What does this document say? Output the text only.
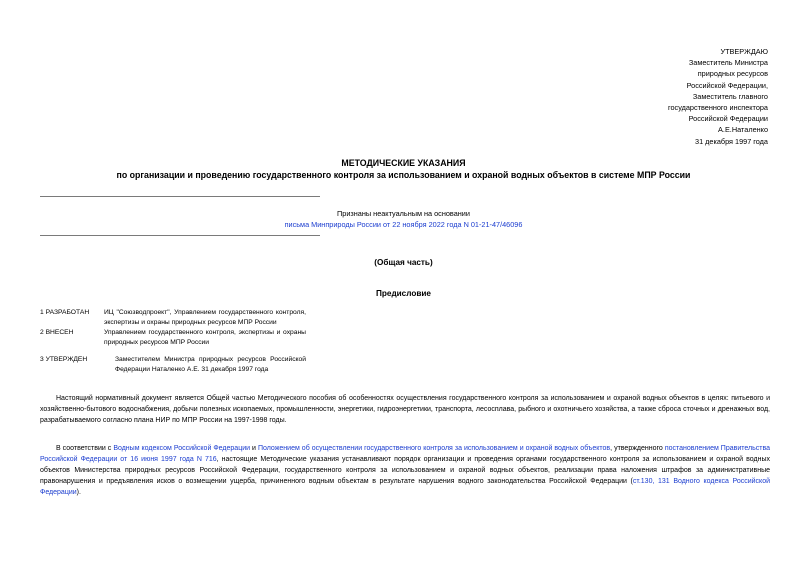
УТВЕРЖДАЮ
Заместитель Министра
природных ресурсов
Российской Федерации,
Заместитель главного
государственного инспектора
Российской Федерации
А.Е.Наталенко
31 декабря 1997 года
МЕТОДИЧЕСКИЕ УКАЗАНИЯ
по организации и проведению государственного контроля за использованием и охраной водных объектов в системе МПР России
Признаны неактуальным на основании
письма Минприроды России от 22 ноября 2022 года N 01-21-47/46096
(Общая часть)
Предисловие
1 РАЗРАБОТАН ИЦ "Союзводпроект", Управлением государственного контроля, экспертизы и охраны природных ресурсов МПР России
2 ВНЕСЕН	Управлением государственного контроля, экспертизы и охраны природных ресурсов МПР России
3 УТВЕРЖДЕН	Заместителем Министра природных ресурсов Российской Федерации Наталенко А.Е. 31 декабря 1997 года
Настоящий нормативный документ является Общей частью Методического пособия об особенностях осуществления государственного контроля за использованием и охраной водных объектов в целях: питьевого и хозяйственно-бытового водоснабжения, добычи полезных ископаемых, промышленности, энергетики, гидроэнергетики, транспорта, лесосплава, рыбного и охотничьего хозяйства, а также сброса сточных и дренажных вод, разрабатываемого согласно плана НИР по МПР России на 1997-1998 годы.
В соответствии с Водным кодексом Российской Федерации и Положением об осуществлении государственного контроля за использованием и охраной водных объектов, утвержденного постановлением Правительства Российской Федерации от 16 июня 1997 года N 716, настоящие Методические указания устанавливают порядок организации и проведения органами государственного контроля за использованием и охраной водных объектов Министерства природных ресурсов Российской Федерации, государственного контроля за использованием и охраной водных объектов, реализации права наложения штрафов за административные правонарушения и предъявления исков о возмещении ущерба, причиненного водным объектам в результате нарушения водного законодательства Российской Федерации (ст.130, 131 Водного кодекса Российской Федерации).
